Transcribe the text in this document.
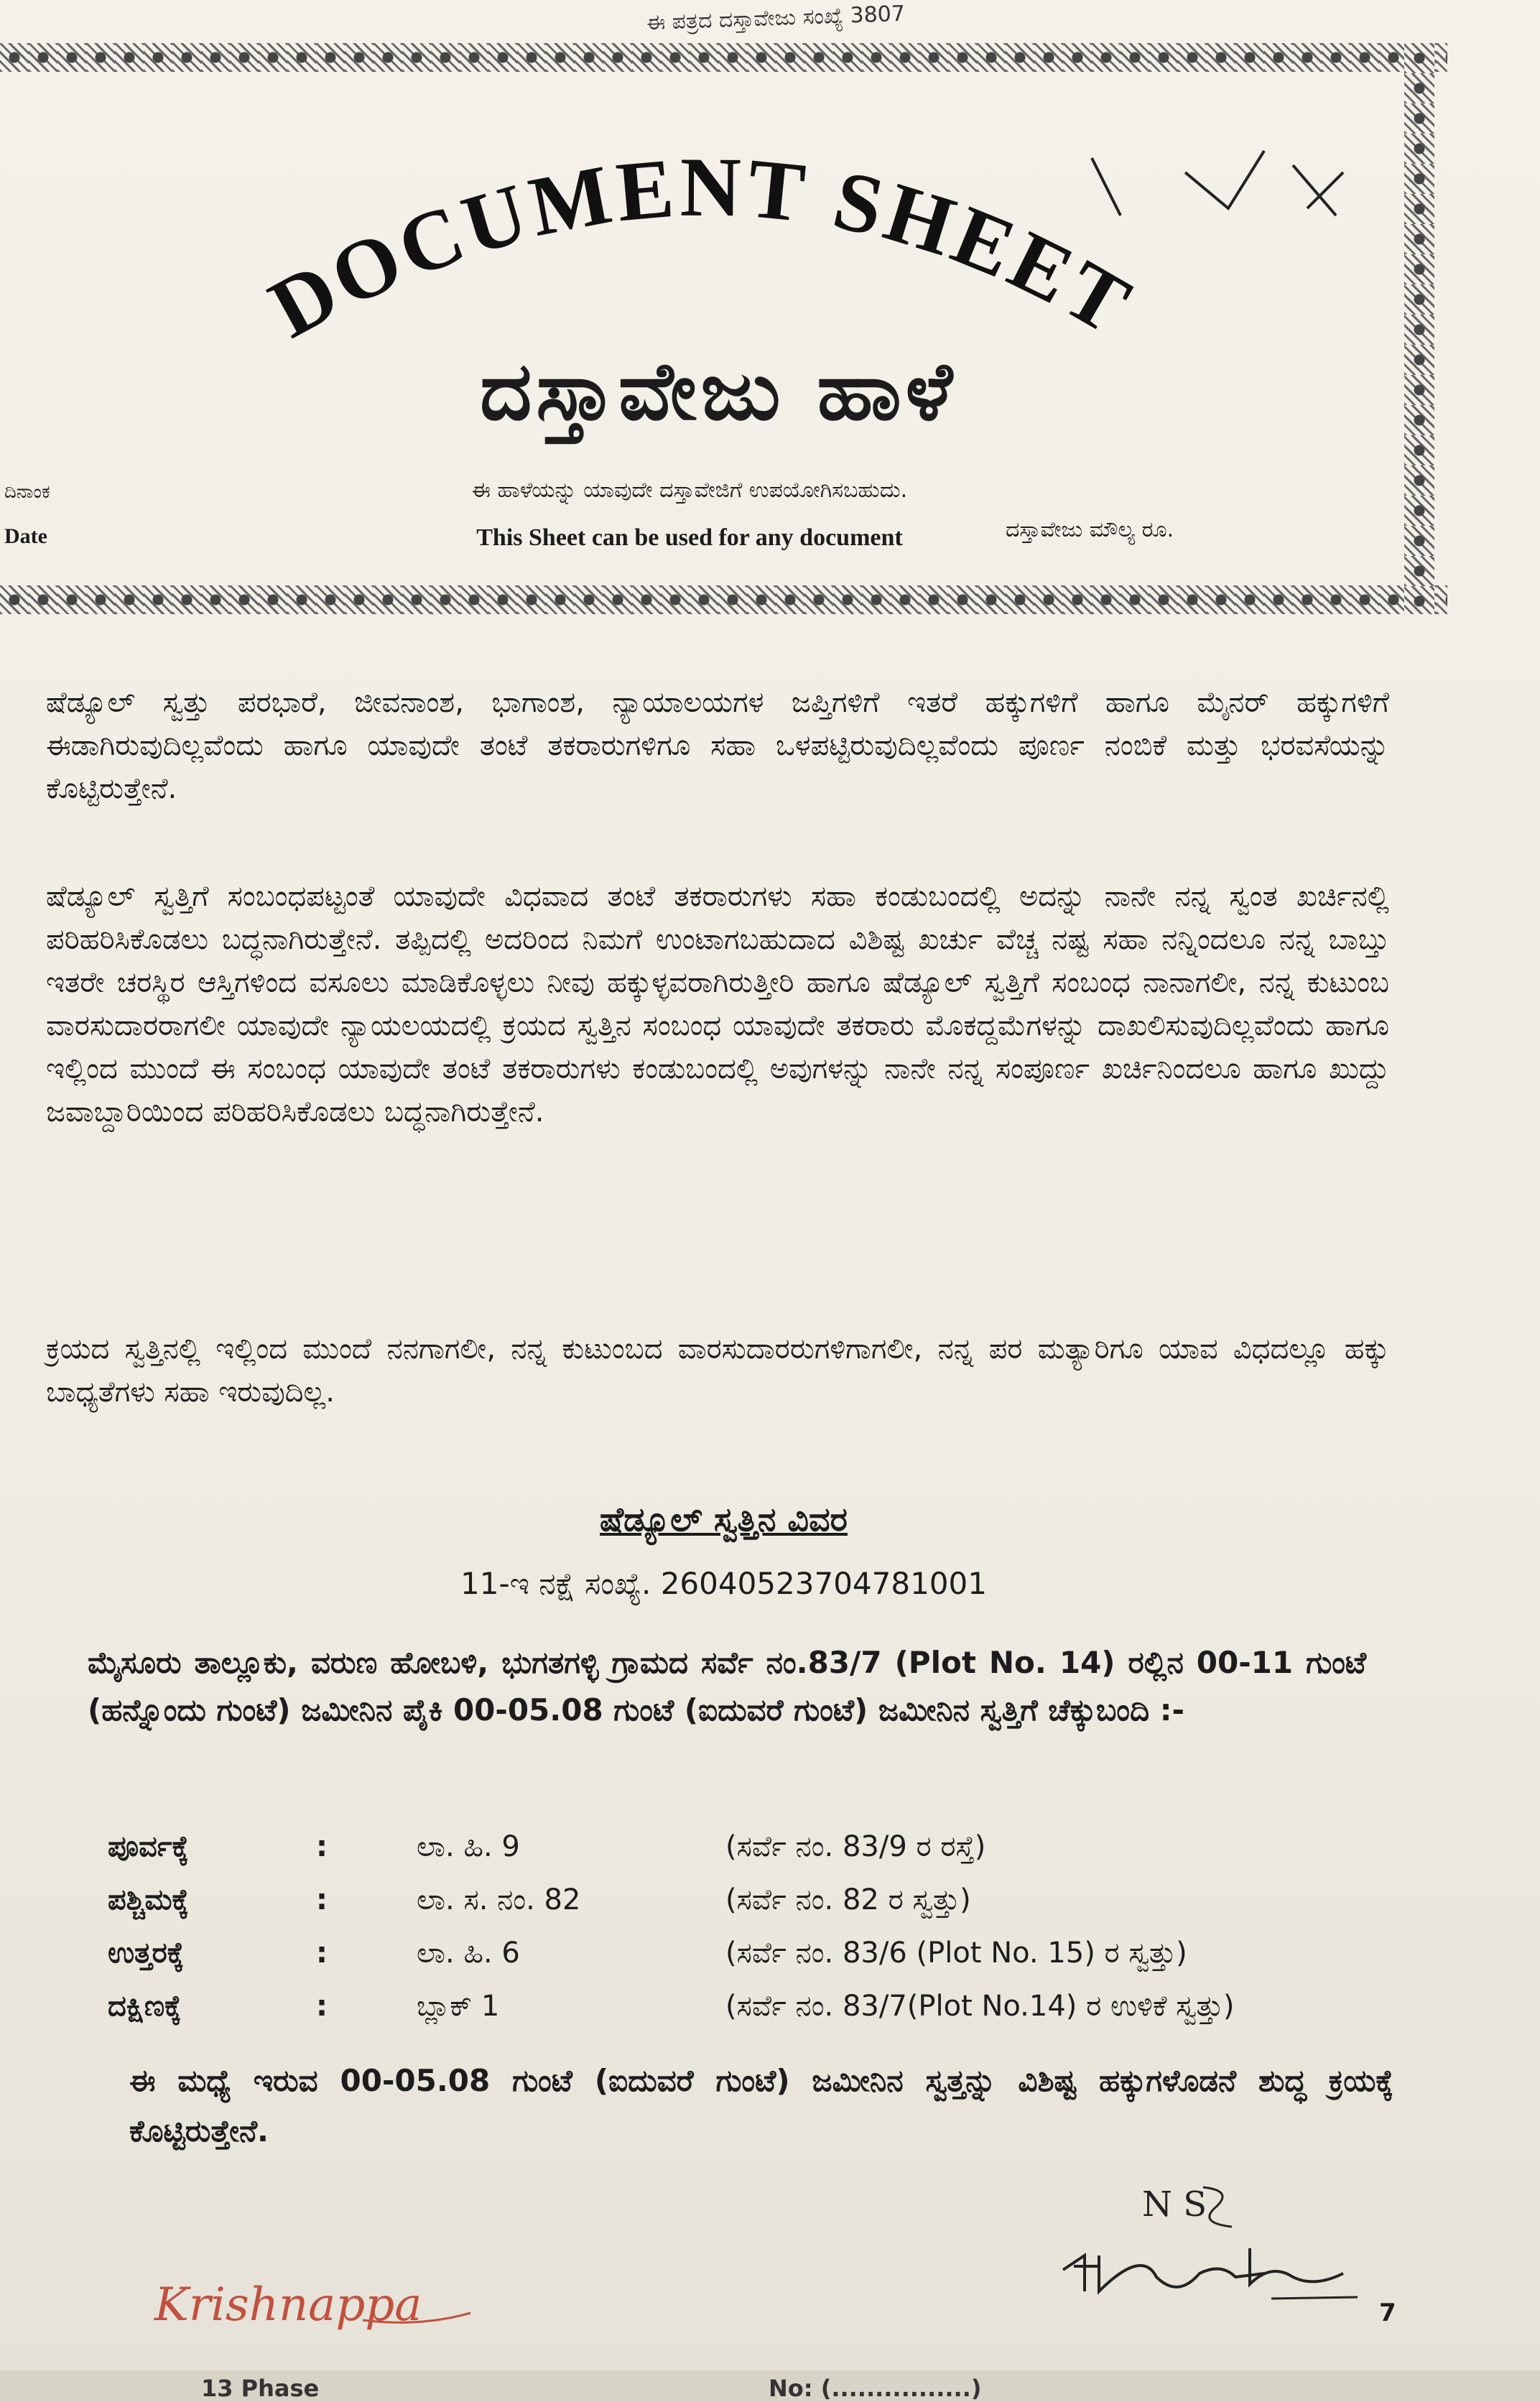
ಈ ಪತ್ರದ ದಸ್ತಾವೇಜು ಸಂಖ್ಯೆ 3807
DOCUMENT SHEET
ದಸ್ತಾವೇಜು ಹಾಳೆ
ಈ ಹಾಳೆಯನ್ನು ಯಾವುದೇ ದಸ್ತಾವೇಜಿಗೆ ಉಪಯೋಗಿಸಬಹುದು.
This Sheet can be used for any document
ದಿನಾಂಕ
Date	ದಸ್ತಾವೇಜು ಮೌಲ್ಯ ರೂ.

ಷೆಡ್ಯೂಲ್ ಸ್ವತ್ತು ಪರಭಾರೆ, ಜೀವನಾಂಶ, ಭಾಗಾಂಶ, ನ್ಯಾಯಾಲಯಗಳ ಜಪ್ತಿಗಳಿಗೆ ಇತರೆ ಹಕ್ಕುಗಳಿಗೆ ಹಾಗೂ ಮೈನರ್ ಹಕ್ಕುಗಳಿಗೆ ಈಡಾಗಿರುವುದಿಲ್ಲವೆಂದು ಹಾಗೂ ಯಾವುದೇ ತಂಟೆ ತಕರಾರುಗಳಿಗೂ ಸಹಾ ಒಳಪಟ್ಟಿರುವುದಿಲ್ಲವೆಂದು ಪೂರ್ಣ ನಂಬಿಕೆ ಮತ್ತು ಭರವಸೆಯನ್ನು ಕೊಟ್ಟಿರುತ್ತೇನೆ.

ಷೆಡ್ಯೂಲ್ ಸ್ವತ್ತಿಗೆ ಸಂಬಂಧಪಟ್ಟಂತೆ ಯಾವುದೇ ವಿಧವಾದ ತಂಟೆ ತಕರಾರುಗಳು ಸಹಾ ಕಂಡುಬಂದಲ್ಲಿ ಅದನ್ನು ನಾನೇ ನನ್ನ ಸ್ವಂತ ಖರ್ಚಿನಲ್ಲಿ ಪರಿಹರಿಸಿಕೊಡಲು ಬದ್ಧನಾಗಿರುತ್ತೇನೆ. ತಪ್ಪಿದಲ್ಲಿ ಅದರಿಂದ ನಿಮಗೆ ಉಂಟಾಗಬಹುದಾದ ವಿಶಿಷ್ಟ ಖರ್ಚು ವೆಚ್ಚ ನಷ್ಟ ಸಹಾ ನನ್ನಿಂದಲೂ ನನ್ನ ಬಾಬ್ತು ಇತರೇ ಚರಸ್ಥಿರ ಆಸ್ತಿಗಳಿಂದ ವಸೂಲು ಮಾಡಿಕೊಳ್ಳಲು ನೀವು ಹಕ್ಕುಳ್ಳವರಾಗಿರುತ್ತೀರಿ ಹಾಗೂ ಷೆಡ್ಯೂಲ್ ಸ್ವತ್ತಿಗೆ ಸಂಬಂಧ ನಾನಾಗಲೀ, ನನ್ನ ಕುಟುಂಬ ವಾರಸುದಾರರಾಗಲೀ ಯಾವುದೇ ನ್ಯಾಯಲಯದಲ್ಲಿ ಕ್ರಯದ ಸ್ವತ್ತಿನ ಸಂಬಂಧ ಯಾವುದೇ ತಕರಾರು ಮೊಕದ್ದಮೆಗಳನ್ನು ದಾಖಲಿಸುವುದಿಲ್ಲವೆಂದು ಹಾಗೂ ಇಲ್ಲಿಂದ ಮುಂದೆ ಈ ಸಂಬಂಧ ಯಾವುದೇ ತಂಟೆ ತಕರಾರುಗಳು ಕಂಡುಬಂದಲ್ಲಿ ಅವುಗಳನ್ನು ನಾನೇ ನನ್ನ ಸಂಪೂರ್ಣ ಖರ್ಚಿನಿಂದಲೂ ಹಾಗೂ ಖುದ್ದು ಜವಾಬ್ದಾರಿಯಿಂದ ಪರಿಹರಿಸಿಕೊಡಲು ಬದ್ಧನಾಗಿರುತ್ತೇನೆ.

ಕ್ರಯದ ಸ್ವತ್ತಿನಲ್ಲಿ ಇಲ್ಲಿಂದ ಮುಂದೆ ನನಗಾಗಲೀ, ನನ್ನ ಕುಟುಂಬದ ವಾರಸುದಾರರುಗಳಿಗಾಗಲೀ, ನನ್ನ ಪರ ಮತ್ಯಾರಿಗೂ ಯಾವ ವಿಧದಲ್ಲೂ ಹಕ್ಕು ಬಾಧ್ಯತೆಗಳು ಸಹಾ ಇರುವುದಿಲ್ಲ.

ಷೆಡ್ಯೂಲ್ ಸ್ವತ್ತಿನ ವಿವರ
11-ಇ ನಕ್ಷೆ ಸಂಖ್ಯೆ. 26040523704781001

ಮೈಸೂರು ತಾಲ್ಲೂಕು, ವರುಣ ಹೋಬಳಿ, ಭುಗತಗಳ್ಳಿ ಗ್ರಾಮದ ಸರ್ವೆ ನಂ.83/7 (Plot No. 14) ರಲ್ಲಿನ 00-11 ಗುಂಟೆ (ಹನ್ನೊಂದು ಗುಂಟೆ) ಜಮೀನಿನ ಪೈಕಿ 00-05.08 ಗುಂಟೆ (ಐದುವರೆ ಗುಂಟೆ) ಜಮೀನಿನ ಸ್ವತ್ತಿಗೆ ಚೆಕ್ಕುಬಂದಿ :-

ಪೂರ್ವಕ್ಕೆ	:	ಲಾ. ಹಿ. 9	(ಸರ್ವೆ ನಂ. 83/9 ರ ರಸ್ತೆ)
ಪಶ್ಚಿಮಕ್ಕೆ	:	ಲಾ. ಸ. ನಂ. 82	(ಸರ್ವೆ ನಂ. 82 ರ ಸ್ವತ್ತು)
ಉತ್ತರಕ್ಕೆ	:	ಲಾ. ಹಿ. 6	(ಸರ್ವೆ ನಂ. 83/6 (Plot No. 15) ರ ಸ್ವತ್ತು)
ದಕ್ಷಿಣಕ್ಕೆ	:	ಬ್ಲಾಕ್ 1	(ಸರ್ವೆ ನಂ. 83/7(Plot No.14) ರ ಉಳಿಕೆ ಸ್ವತ್ತು)

ಈ ಮಧ್ಯೆ ಇರುವ 00-05.08 ಗುಂಟೆ (ಐದುವರೆ ಗುಂಟೆ) ಜಮೀನಿನ ಸ್ವತ್ತನ್ನು ವಿಶಿಷ್ಟ ಹಕ್ಕುಗಳೊಡನೆ ಶುದ್ಧ ಕ್ರಯಕ್ಕೆ ಕೊಟ್ಟಿರುತ್ತೇನೆ.

N S
Krishnappa	7
13 Phase	No: (................)
